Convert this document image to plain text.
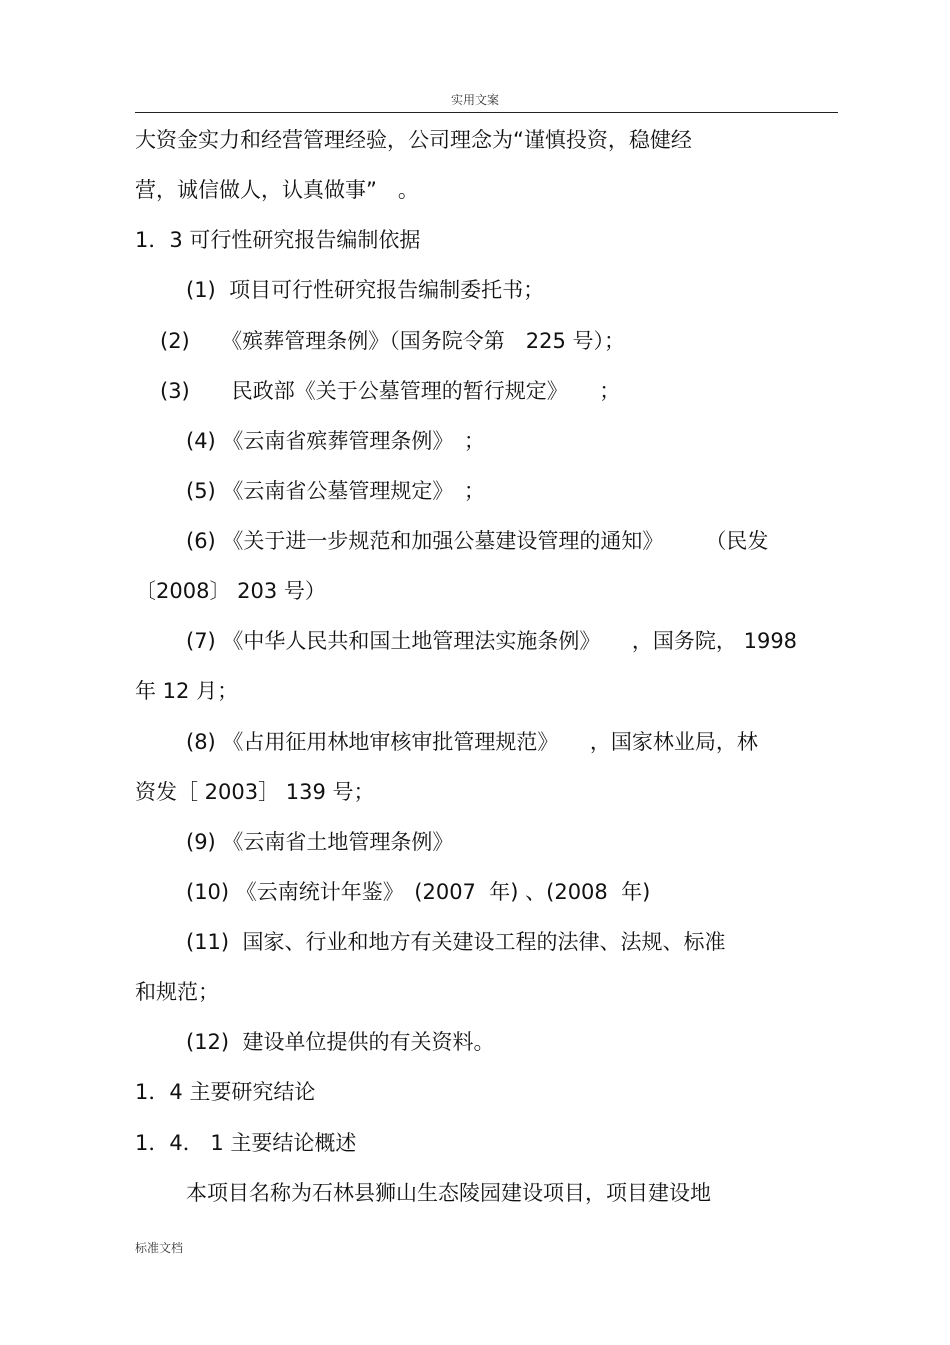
实用文案
大资金实力和经营管理经验，公司理念为“谨慎投资，稳健经
营，诚信做人，认真做事”　。
1．3 可行性研究报告编制依据
(1)  项目可行性研究报告编制委托书；
(2)　　《殡葬管理条例》（国务院令第　225 号）；
(3)　　民政部《关于公墓管理的暂行规定》　　；
(4) 《云南省殡葬管理条例》　；
(5) 《云南省公墓管理规定》　；
(6) 《关于进一步规范和加强公墓建设管理的通知》　　　（民发
〔2008〕 203 号）
(7) 《中华人民共和国土地管理法实施条例》　　，国务院， 1998
年 12 月；
(8) 《占用征用林地审核审批管理规范》　　，国家林业局，林
资发［ 2003］ 139 号；
(9) 《云南省土地管理条例》
(10) 《云南统计年鉴》　(2007  年) 、(2008  年)
(11)  国家、行业和地方有关建设工程的法律、法规、标准
和规范；
(12)  建设单位提供的有关资料。
1．4 主要研究结论
1．4． 1 主要结论概述
本项目名称为石林县狮山生态陵园建设项目，项目建设地
标准文档
